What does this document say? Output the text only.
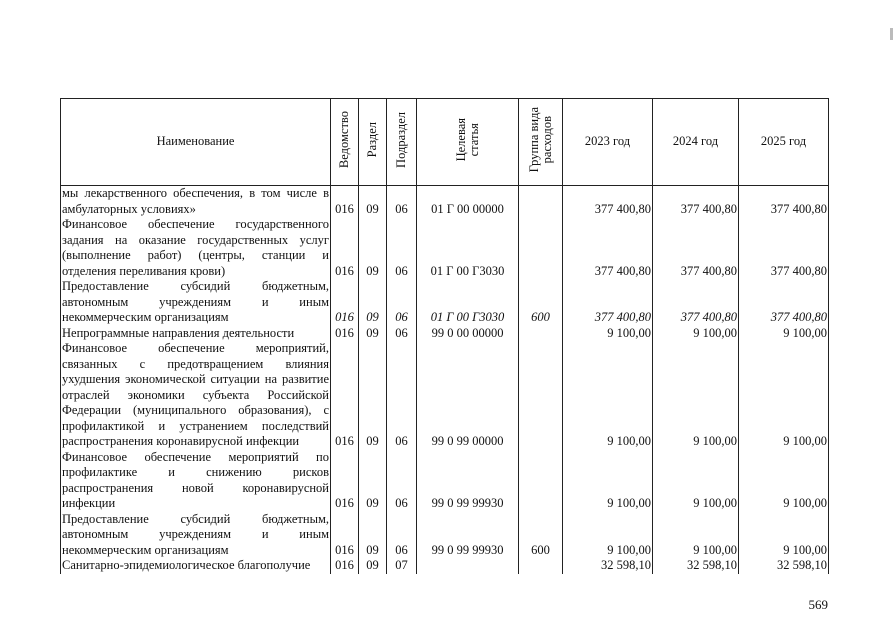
Наименование	Ведомство	Раздел	Подраздел	Целевая статья	Группа вида расходов	2023 год	2024 год	2025 год
мы лекарственного обеспечения, в том числе в амбулаторных условиях»	016	09	06	01 Г 00 00000		377 400,80	377 400,80	377 400,80
Финансовое обеспечение государственного задания на оказание государственных услуг (выполнение работ) (центры, станции и отделения переливания крови)	016	09	06	01 Г 00 Г3030		377 400,80	377 400,80	377 400,80
Предоставление субсидий бюджетным, автономным учреждениям и иным некоммерческим организациям	016	09	06	01 Г 00 Г3030	600	377 400,80	377 400,80	377 400,80
Непрограммные направления деятельности	016	09	06	99 0 00 00000		9 100,00	9 100,00	9 100,00
Финансовое обеспечение мероприятий, связанных с предотвращением влияния ухудшения экономической ситуации на развитие отраслей экономики субъекта Российской Федерации (муниципального образования), с профилактикой и устранением последствий распространения коронавирусной инфекции	016	09	06	99 0 99 00000		9 100,00	9 100,00	9 100,00
Финансовое обеспечение мероприятий по профилактике и снижению рисков распространения новой коронавирусной инфекции	016	09	06	99 0 99 99930		9 100,00	9 100,00	9 100,00
Предоставление субсидий бюджетным, автономным учреждениям и иным некоммерческим организациям	016	09	06	99 0 99 99930	600	9 100,00	9 100,00	9 100,00
Санитарно-эпидемиологическое благополучие	016	09	07			32 598,10	32 598,10	32 598,10
569
